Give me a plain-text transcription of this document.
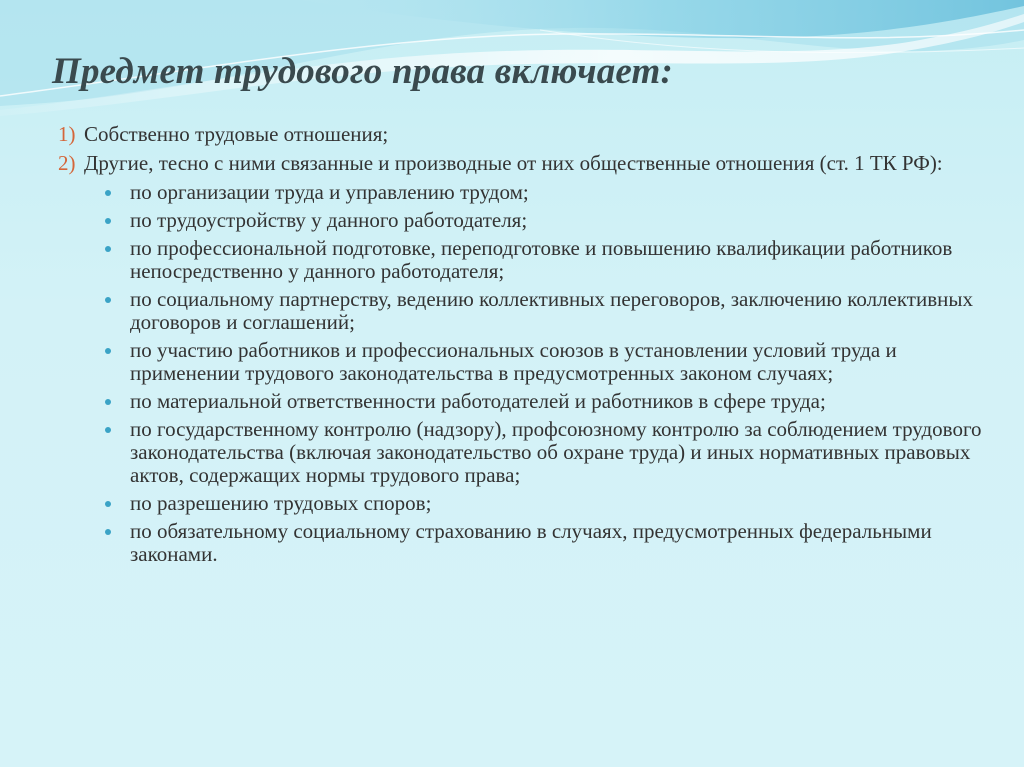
Предмет трудового права включает:
1) Собственно трудовые отношения;
2) Другие, тесно с ними связанные и производные от них общественные отношения (ст. 1 ТК РФ):
по организации труда и управлению трудом;
по трудоустройству у данного работодателя;
по профессиональной подготовке, переподготовке и повышению квалификации работников непосредственно у данного работодателя;
по социальному партнерству, ведению коллективных переговоров, заключению коллективных договоров и соглашений;
по участию работников и профессиональных союзов в установлении условий труда и применении трудового законодательства в предусмотренных законом случаях;
по материальной ответственности работодателей и работников в сфере труда;
по государственному контролю (надзору), профсоюзному контролю за соблюдением трудового законодательства (включая законодательство об охране труда) и иных нормативных правовых актов, содержащих нормы трудового права;
по разрешению трудовых споров;
по обязательному социальному страхованию в случаях, предусмотренных федеральными законами.
